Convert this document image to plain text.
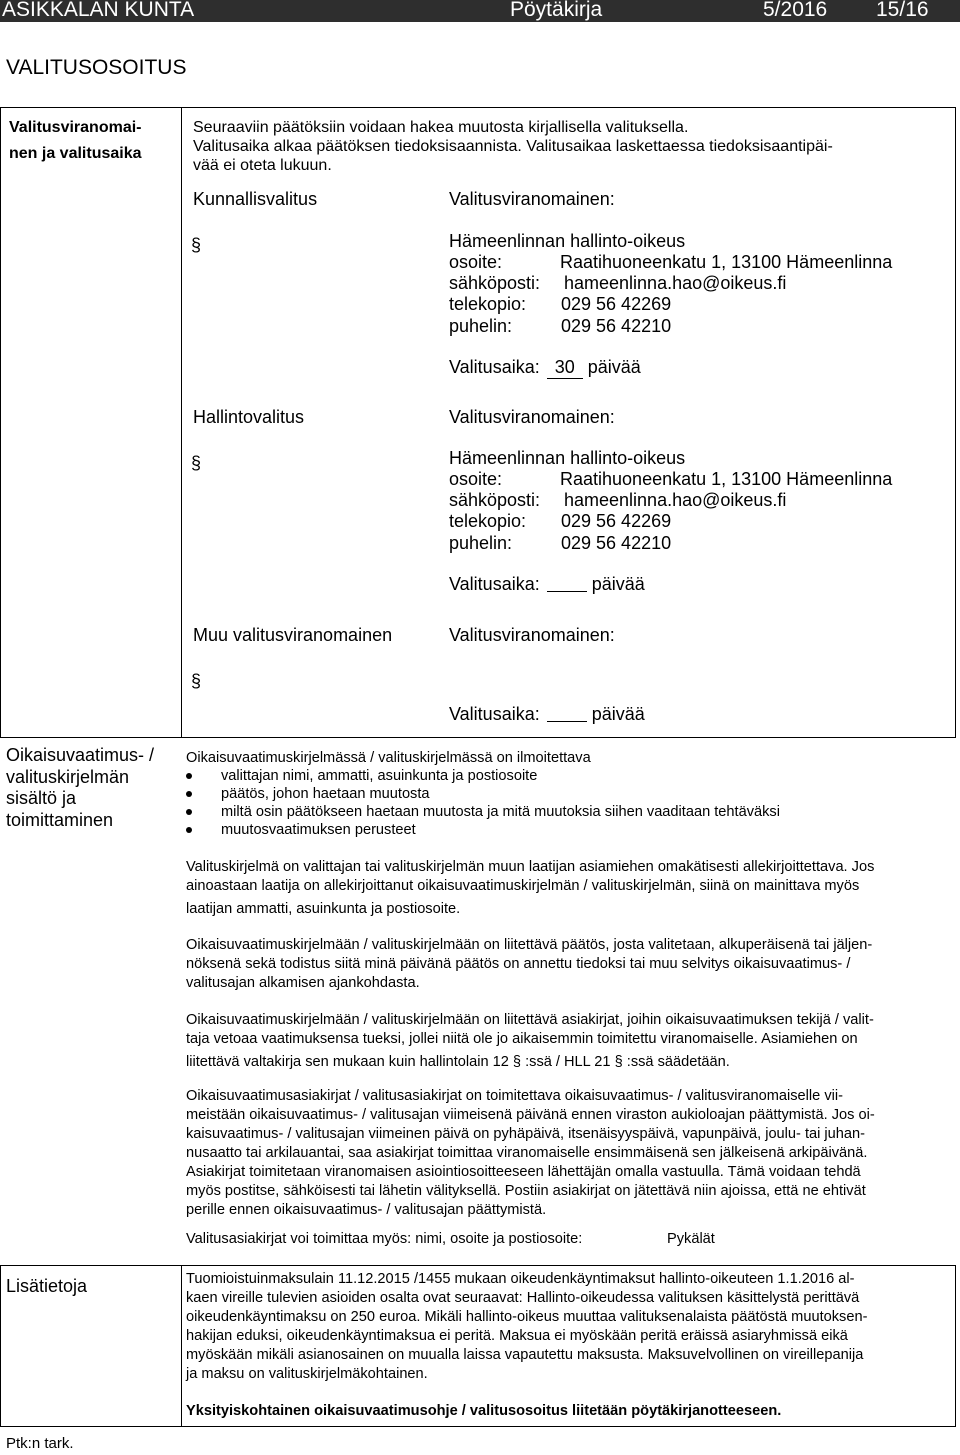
ASIKKALAN KUNTA	Pöytäkirja	5/2016 15/16
VALITUSOSOITUS
Valitusviranomai-
nen ja valitusaika
Seuraaviin päätöksiin voidaan hakea muutosta kirjallisella valituksella.
Valitusaika alkaa päätöksen tiedoksisaannista. Valitusaikaa laskettaessa tiedoksisaantipäi-
vää ei oteta lukuun.
Kunnallisvalitus
§
Valitusviranomainen:
Hämeenlinnan hallinto-oikeus
osoite:	Raatihuoneenkatu 1, 13100 Hämeenlinna
sähköposti: hameenlinna.hao@oikeus.fi
telekopio: 029 56 42269
puhelin:	029 56 42210
Valitusaika: 30 päivää
Hallintovalitus
§
Valitusviranomainen:
Hämeenlinnan hallinto-oikeus
osoite:	Raatihuoneenkatu 1, 13100 Hämeenlinna
sähköposti: hameenlinna.hao@oikeus.fi
telekopio: 029 56 42269
puhelin:	029 56 42210
Valitusaika:	päivää
Muu valitusviranomainen
§
Valitusviranomainen:
Valitusaika:	päivää
Oikaisuvaatimus- /
valituskirjelmän
sisältö ja
toimittaminen
Oikaisuvaatimuskirjelmässä / valituskirjelmässä on ilmoitettava
valittajan nimi, ammatti, asuinkunta ja postiosoite
päätös, johon haetaan muutosta
miltä osin päätökseen haetaan muutosta ja mitä muutoksia siihen vaaditaan tehtäväksi
muutosvaatimuksen perusteet

Valituskirjelmä on valittajan tai valituskirjelmän muun laatijan asiamiehen omakätisesti allekirjoittettava. Jos

ainoastaan laatija on allekirjoittanut oikaisuvaatimuskirjelmän / valituskirjelmän, siinä on mainittava myös

laatijan ammatti, asuinkunta ja postiosoite.

Oikaisuvaatimuskirjelmään / valituskirjelmään on liitettävä päätös, josta valitetaan, alkuperäisenä tai jäljen-

nöksenä sekä todistus siitä minä päivänä päätös on annettu tiedoksi tai muu selvitys oikaisuvaatimus- /

valitusajan alkamisen ajankohdasta.

Oikaisuvaatimuskirjelmään / valituskirjelmään on liitettävä asiakirjat, joihin oikaisuvaatimuksen tekijä / valit-

taja vetoaa vaatimuksensa tueksi, jollei niitä ole jo aikaisemmin toimitettu viranomaiselle. Asiamiehen on

liitettävä valtakirja sen mukaan kuin hallintolain 12 § :ssä / HLL 21 § :ssä säädetään.

Oikaisuvaatimusasiakirjat / valitusasiakirjat on toimitettava oikaisuvaatimus- / valitusviranomaiselle vii-

meistään oikaisuvaatimus- / valitusajan viimeisenä päivänä ennen viraston aukioloajan päättymistä. Jos oi-

kaisuvaatimus- / valitusajan viimeinen päivä on pyhäpäivä, itsenäisyyspäivä, vapunpäivä, joulu- tai juhan-

nusaatto tai arkilauantai, saa asiakirjat toimittaa viranomaiselle ensimmäisenä sen jälkeisenä arkipäivänä.

Asiakirjat toimitetaan viranomaisen asiointiosoitteeseen lähettäjän omalla vastuulla. Tämä voidaan tehdä

myös postitse, sähköisesti tai lähetin välityksellä. Postiin asiakirjat on jätettävä niin ajoissa, että ne ehtivät

perille ennen oikaisuvaatimus- / valitusajan päättymistä.

Valitusasiakirjat voi toimittaa myös: nimi, osoite ja postiosoite:	Pykälät
Lisätietoja	Tuomioistuinmaksulain 11.12.2015 /1455 mukaan oikeudenkäyntimaksut hallinto-oikeuteen 1.1.2016 al-

kaen vireille tulevien asioiden osalta ovat seuraavat: Hallinto-oikeudessa valituksen käsittelystä perittävä

oikeudenkäyntimaksu on 250 euroa. Mikäli hallinto-oikeus muuttaa valituksenalaista päätöstä muutoksen-

hakijan eduksi, oikeudenkäyntimaksua ei peritä. Maksua ei myöskään peritä eräissä asiaryhmissä eikä

myöskään mikäli asianosainen on muualla laissa vapautettu maksusta. Maksuvelvollinen on vireillepanija

ja maksu on valituskirjelmäkohtainen.

Yksityiskohtainen oikaisuvaatimusohje / valitusosoitus liitetään pöytäkirjanotteeseen.
Ptk:n tark.
